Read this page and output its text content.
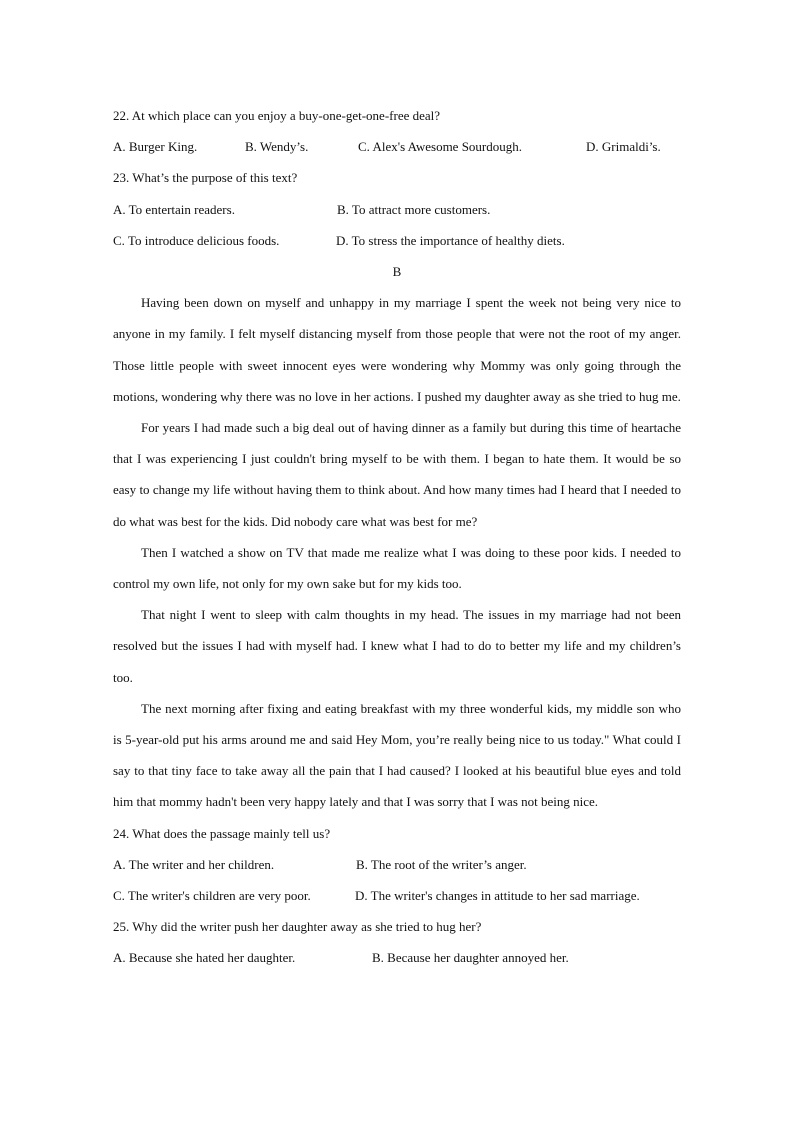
22. At which place can you enjoy a buy-one-get-one-free deal?
A. Burger King.	B. Wendy’s.	C. Alex's Awesome Sourdough.	D. Grimaldi’s.
23. What’s the purpose of this text?
A. To entertain readers.	B. To attract more customers.
C. To introduce delicious foods.	D. To stress the importance of healthy diets.
B

Having been down on myself and unhappy in my marriage I spent the week not being very nice to anyone in my family. I felt myself distancing myself from those people that were not the root of my anger. Those little people with sweet innocent eyes were wondering why Mommy was only going through the motions, wondering why there was no love in her actions. I pushed my daughter away as she tried to hug me.

For years I had made such a big deal out of having dinner as a family but during this time of heartache that I was experiencing I just couldn't bring myself to be with them. I began to hate them. It would be so easy to change my life without having them to think about. And how many times had I heard that I needed to do what was best for the kids. Did nobody care what was best for me?

Then I watched a show on TV that made me realize what I was doing to these poor kids. I needed to control my own life, not only for my own sake but for my kids too.

That night I went to sleep with calm thoughts in my head. The issues in my marriage had not been resolved but the issues I had with myself had. I knew what I had to do to better my life and my children’s too.

The next morning after fixing and eating breakfast with my three wonderful kids, my middle son who is 5-year-old put his arms around me and said Hey Mom, you’re really being nice to us today." What could I say to that tiny face to take away all the pain that I had caused? I looked at his beautiful blue eyes and told him that mommy hadn't been very happy lately and that I was sorry that I was not being nice.

24. What does the passage mainly tell us?
A. The writer and her children.	B. The root of the writer’s anger.
C. The writer's children are very poor.	D. The writer's changes in attitude to her sad marriage.
25. Why did the writer push her daughter away as she tried to hug her?
A. Because she hated her daughter.	B. Because her daughter annoyed her.
